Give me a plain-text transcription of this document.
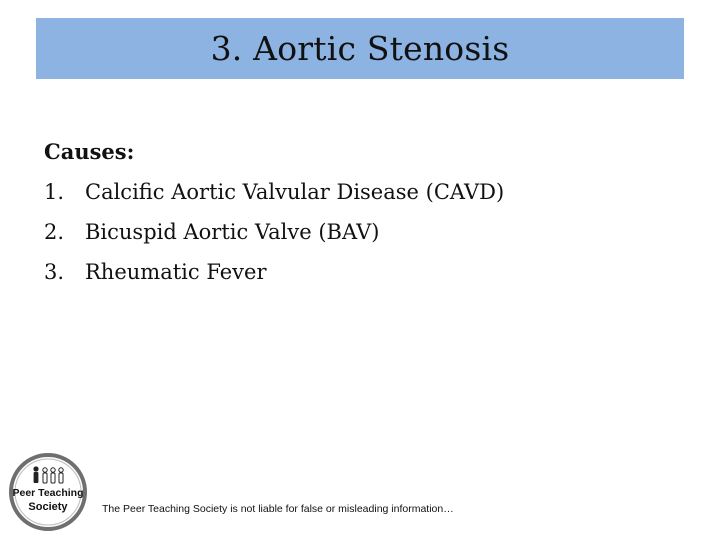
3. Aortic Stenosis
Causes:
1. Calcific Aortic Valvular Disease (CAVD)
2. Bicuspid Aortic Valve (BAV)
3. Rheumatic Fever
Peer Teaching
Society	The Peer Teaching Society is not liable for false or misleading information…
